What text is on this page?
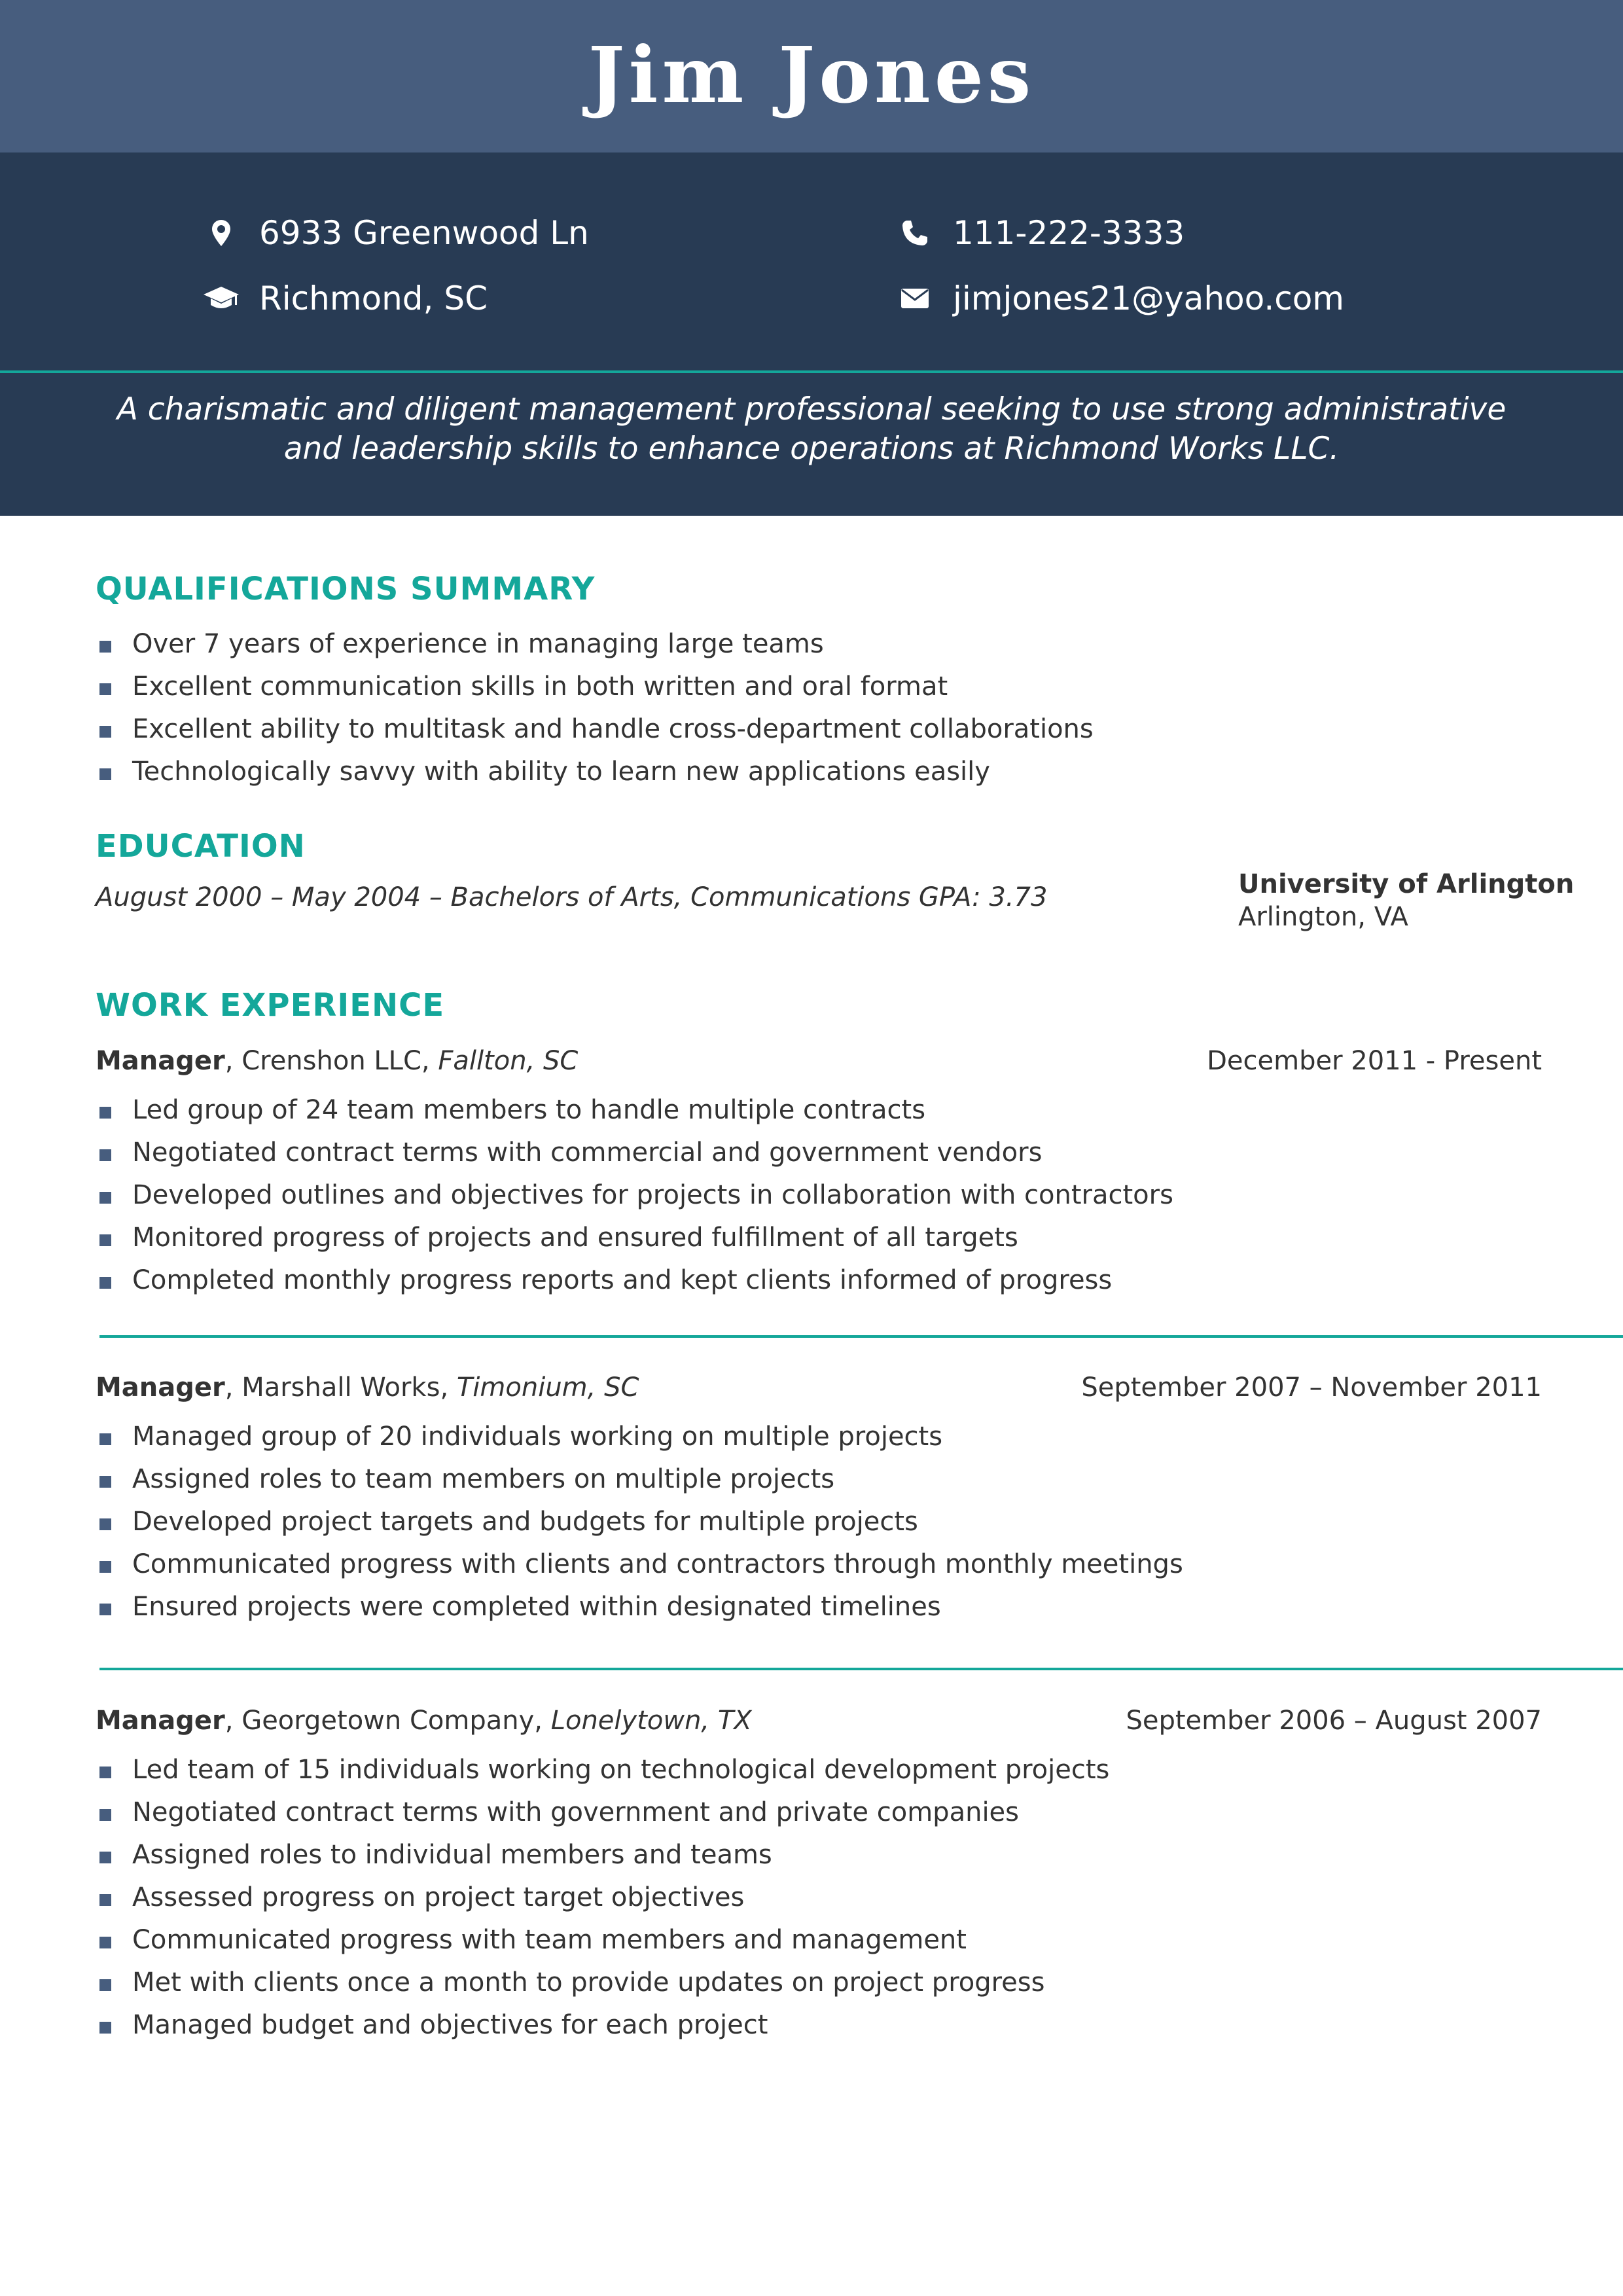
Jim Jones
6933 Greenwood Ln
Richmond, SC
111-222-3333
jimjones21@yahoo.com
A charismatic and diligent management professional seeking to use strong administrative
and leadership skills to enhance operations at Richmond Works LLC.
QUALIFICATIONS SUMMARY
Over 7 years of experience in managing large teams
Excellent communication skills in both written and oral format
Excellent ability to multitask and handle cross-department collaborations
Technologically savvy with ability to learn new applications easily
EDUCATION
August 2000 – May 2004 – Bachelors of Arts, Communications GPA: 3.73	University of Arlington
Arlington, VA
WORK EXPERIENCE
Manager, Crenshon LLC, Fallton, SC	December 2011 - Present
Led group of 24 team members to handle multiple contracts
Negotiated contract terms with commercial and government vendors
Developed outlines and objectives for projects in collaboration with contractors
Monitored progress of projects and ensured fulfillment of all targets
Completed monthly progress reports and kept clients informed of progress
Manager, Marshall Works, Timonium, SC	September 2007 – November 2011
Managed group of 20 individuals working on multiple projects
Assigned roles to team members on multiple projects
Developed project targets and budgets for multiple projects
Communicated progress with clients and contractors through monthly meetings
Ensured projects were completed within designated timelines
Manager, Georgetown Company, Lonelytown, TX	September 2006 – August 2007
Led team of 15 individuals working on technological development projects
Negotiated contract terms with government and private companies
Assigned roles to individual members and teams
Assessed progress on project target objectives
Communicated progress with team members and management
Met with clients once a month to provide updates on project progress
Managed budget and objectives for each project
